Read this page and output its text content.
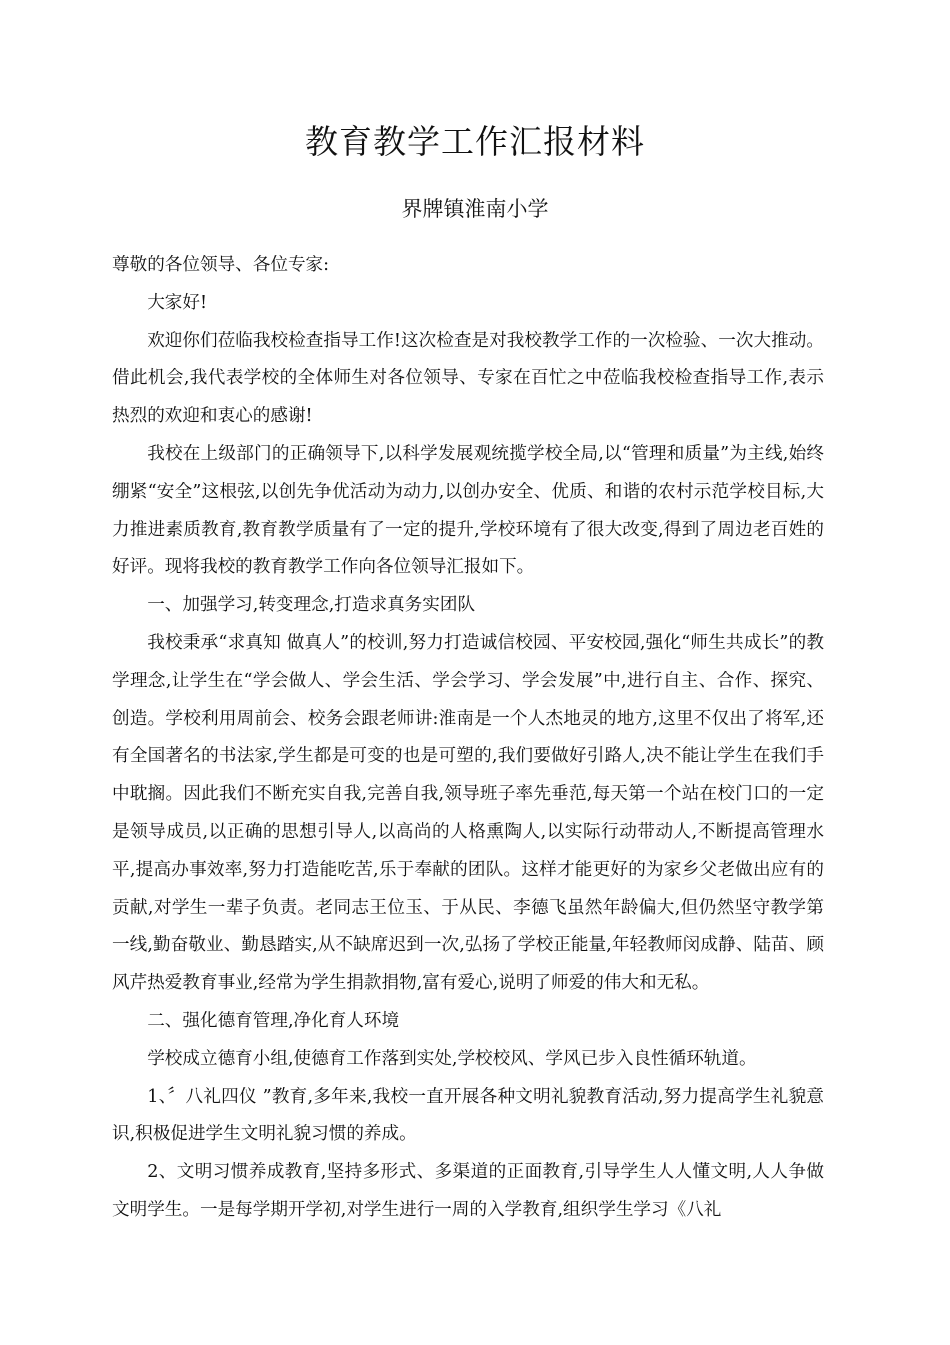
教育教学工作汇报材料
界牌镇淮南小学

尊敬的各位领导、各位专家:

大家好!

欢迎你们莅临我校检查指导工作!这次检查是对我校教学工作的一次检验、一次大推动。借此机会,我代表学校的全体师生对各位领导、专家在百忙之中莅临我校检查指导工作,表示热烈的欢迎和衷心的感谢!

我校在上级部门的正确领导下,以科学发展观统揽学校全局,以“管理和质量”为主线,始终绷紧“安全”这根弦,以创先争优活动为动力,以创办安全、优质、和谐的农村示范学校目标,大力推进素质教育,教育教学质量有了一定的提升,学校环境有了很大改变,得到了周边老百姓的好评。现将我校的教育教学工作向各位领导汇报如下。

一、加强学习,转变理念,打造求真务实团队

我校秉承“求真知 做真人”的校训,努力打造诚信校园、平安校园,强化“师生共成长”的教学理念,让学生在“学会做人、学会生活、学会学习、学会发展”中,进行自主、合作、探究、创造。学校利用周前会、校务会跟老师讲:淮南是一个人杰地灵的地方,这里不仅出了将军,还有全国著名的书法家,学生都是可变的也是可塑的,我们要做好引路人,决不能让学生在我们手中耽搁。因此我们不断充实自我,完善自我,领导班子率先垂范,每天第一个站在校门口的一定是领导成员,以正确的思想引导人,以高尚的人格熏陶人,以实际行动带动人,不断提高管理水平,提高办事效率,努力打造能吃苦,乐于奉献的团队。这样才能更好的为家乡父老做出应有的贡献,对学生一辈子负责。老同志王位玉、于从民、李德飞虽然年龄偏大,但仍然坚守教学第一线,勤奋敬业、勤恳踏实,从不缺席迟到一次,弘扬了学校正能量,年轻教师闵成静、陆苗、顾风芹热爱教育事业,经常为学生捐款捐物,富有爱心,说明了师爱的伟大和无私。

二、强化德育管理,净化育人环境

学校成立德育小组,使德育工作落到实处,学校校风、学风已步入良性循环轨道。

1、〞八礼四仪 ”教育,多年来,我校一直开展各种文明礼貌教育活动,努力提高学生礼貌意识,积极促进学生文明礼貌习惯的养成。

2、文明习惯养成教育,坚持多形式、多渠道的正面教育,引导学生人人懂文明,人人争做文明学生。一是每学期开学初,对学生进行一周的入学教育,组织学生学习《八礼
